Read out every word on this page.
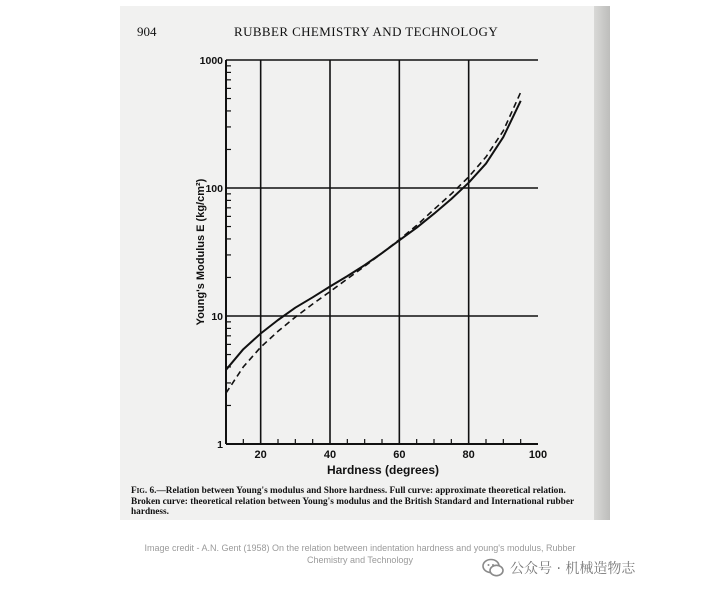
904	RUBBER CHEMISTRY AND TECHNOLOGY
20	40	60	80	100
1
10
100
1000
Hardness (degrees)
Young's Modulus E (kg/cm²)
Fig. 6.—Relation between Young's modulus and Shore hardness. Full curve: approximate theoretical relation. Broken curve: theoretical relation between Young's modulus and the British Standard and International rubber hardness.
Image credit - A.N. Gent (1958) On the relation between indentation hardness and young's modulus, Rubber Chemistry and Technology
公众号 · 机械造物志
